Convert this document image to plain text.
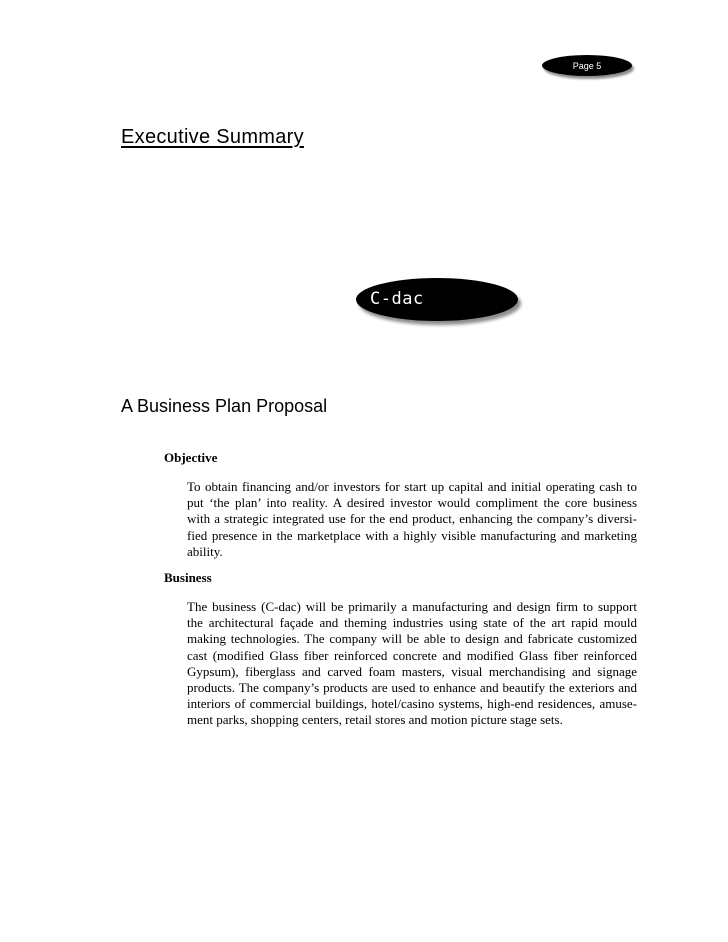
Page 5
Executive Summary
C-dac
A Business Plan Proposal
Objective
To obtain financing and/or investors for start up capital and initial operating cash to
put ‘the plan’ into reality. A desired investor would compliment the core business
with a strategic integrated use for the end product, enhancing the company’s diversi-
fied presence in the marketplace with a highly visible manufacturing and marketing
ability.
Business
The business (C-dac) will be primarily a manufacturing and design firm to support
the architectural façade and theming industries using state of the art rapid mould
making technologies. The company will be able to design and fabricate customized
cast (modified Glass fiber reinforced concrete and modified Glass fiber reinforced
Gypsum), fiberglass and carved foam masters, visual merchandising and signage
products. The company’s products are used to enhance and beautify the exteriors and
interiors of commercial buildings, hotel/casino systems, high-end residences, amuse-
ment parks, shopping centers, retail stores and motion picture stage sets.
